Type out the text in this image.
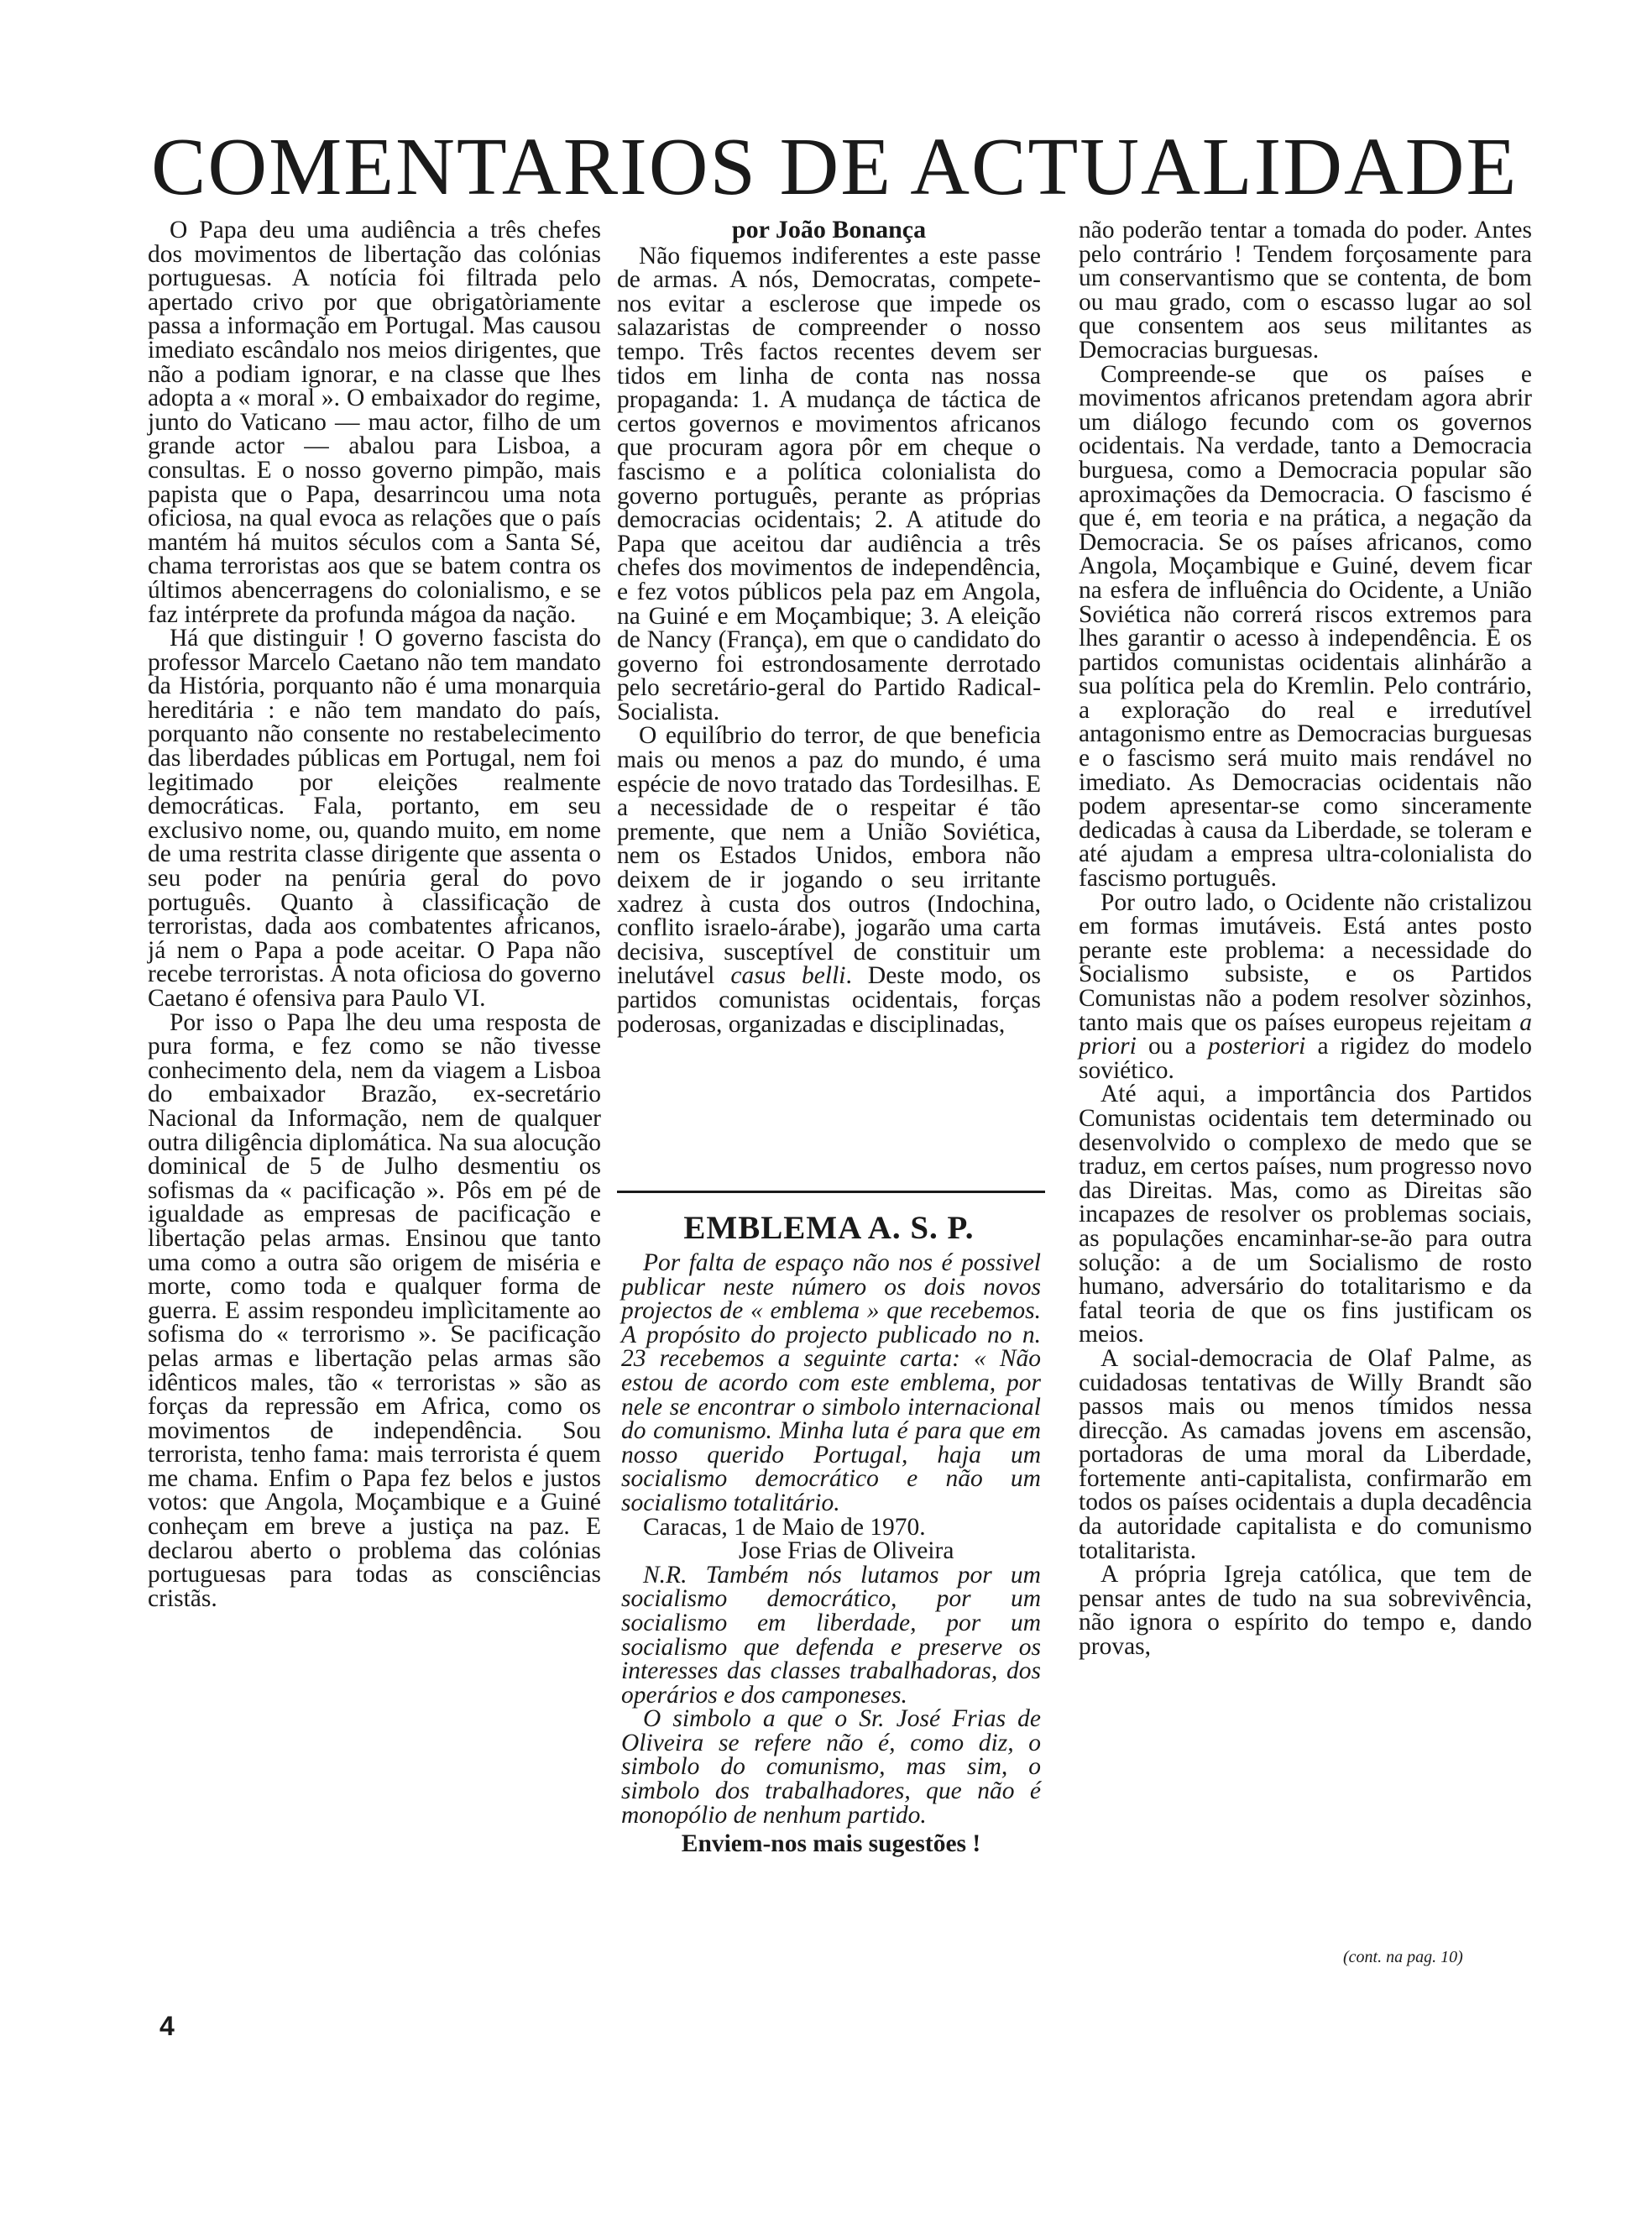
COMENTARIOS DE ACTUALIDADE

O Papa deu uma audiência a três chefes dos movimentos de libertação das colónias portuguesas. A notícia foi filtrada pelo apertado crivo por que obrigatòriamente passa a informação em Portugal. Mas causou imediato escândalo nos meios dirigentes, que não a podiam ignorar, e na classe que lhes adopta a « moral ». O embaixador do regime, junto do Vaticano — mau actor, filho de um grande actor — abalou para Lisboa, a consultas. E o nosso governo pimpão, mais papista que o Papa, desarrincou uma nota oficiosa, na qual evoca as relações que o país mantém há muitos séculos com a Santa Sé, chama terroristas aos que se batem contra os últimos abencerragens do colonialismo, e se faz intérprete da profunda mágoa da nação.

Há que distinguir ! O governo fascista do professor Marcelo Caetano não tem mandato da História, porquanto não é uma monarquia hereditária : e não tem mandato do país, porquanto não consente no restabelecimento das liberdades públicas em Portugal, nem foi legitimado por eleições realmente democráticas. Fala, portanto, em seu exclusivo nome, ou, quando muito, em nome de uma restrita classe dirigente que assenta o seu poder na penúria geral do povo português. Quanto à classificação de terroristas, dada aos combatentes africanos, já nem o Papa a pode aceitar. O Papa não recebe terroristas. A nota oficiosa do governo Caetano é ofensiva para Paulo VI.

Por isso o Papa lhe deu uma resposta de pura forma, e fez como se não tivesse conhecimento dela, nem da viagem a Lisboa do embaixador Brazão, ex-secretário Nacional da Informação, nem de qualquer outra diligência diplomática. Na sua alocução dominical de 5 de Julho desmentiu os sofismas da « pacificação ». Pôs em pé de igualdade as empresas de pacificação e libertação pelas armas. Ensinou que tanto uma como a outra são origem de miséria e morte, como toda e qualquer forma de guerra. E assim respondeu implìcitamente ao sofisma do « terrorismo ». Se pacificação pelas armas e libertação pelas armas são idênticos males, tão « terroristas » são as forças da repressão em Africa, como os movimentos de independência. Sou terrorista, tenho fama: mais terrorista é quem me chama. Enfim o Papa fez belos e justos votos: que Angola, Moçambique e a Guiné conheçam em breve a justiça na paz. E declarou aberto o problema das colónias portuguesas para todas as consciências cristãs.

por João Bonança

Não fiquemos indiferentes a este passe de armas. A nós, Democratas, compete-nos evitar a esclerose que impede os salazaristas de compreender o nosso tempo. Três factos recentes devem ser tidos em linha de conta nas nossa propaganda: 1. A mudança de táctica de certos governos e movimentos africanos que procuram agora pôr em cheque o fascismo e a política colonialista do governo português, perante as próprias democracias ocidentais; 2. A atitude do Papa que aceitou dar audiência a três chefes dos movimentos de independência, e fez votos públicos pela paz em Angola, na Guiné e em Moçambique; 3. A eleição de Nancy (França), em que o candidato do governo foi estrondosamente derrotado pelo secretário-geral do Partido Radical-Socialista.

O equilíbrio do terror, de que beneficia mais ou menos a paz do mundo, é uma espécie de novo tratado das Tordesilhas. E a necessidade de o respeitar é tão premente, que nem a União Soviética, nem os Estados Unidos, embora não deixem de ir jogando o seu irritante xadrez à custa dos outros (Indochina, conflito israelo-árabe), jogarão uma carta decisiva, susceptível de constituir um inelutável casus belli. Deste modo, os partidos comunistas ocidentais, forças poderosas, organizadas e disciplinadas,

EMBLEMA A. S. P.

Por falta de espaço não nos é possivel publicar neste número os dois novos projectos de « emblema » que recebemos. A propósito do projecto publicado no n. 23 recebemos a seguinte carta: « Não estou de acordo com este emblema, por nele se encontrar o simbolo internacional do comunismo. Minha luta é para que em nosso querido Portugal, haja um socialismo democrático e não um socialismo totalitário.

Caracas, 1 de Maio de 1970.

Jose Frias de Oliveira

N.R. Também nós lutamos por um socialismo democrático, por um socialismo em liberdade, por um socialismo que defenda e preserve os interesses das classes trabalhadoras, dos operários e dos camponeses.

O simbolo a que o Sr. José Frias de Oliveira se refere não é, como diz, o simbolo do comunismo, mas sim, o simbolo dos trabalhadores, que não é monopólio de nenhum partido.

Enviem-nos mais sugestões !

não poderão tentar a tomada do poder. Antes pelo contrário ! Tendem forçosamente para um conservantismo que se contenta, de bom ou mau grado, com o escasso lugar ao sol que consentem aos seus militantes as Democracias burguesas.

Compreende-se que os países e movimentos africanos pretendam agora abrir um diálogo fecundo com os governos ocidentais. Na verdade, tanto a Democracia burguesa, como a Democracia popular são aproximações da Democracia. O fascismo é que é, em teoria e na prática, a negação da Democracia. Se os países africanos, como Angola, Moçambique e Guiné, devem ficar na esfera de influência do Ocidente, a União Soviética não correrá riscos extremos para lhes garantir o acesso à independência. E os partidos comunistas ocidentais alinhárão a sua política pela do Kremlin. Pelo contrário, a exploração do real e irredutível antagonismo entre as Democracias burguesas e o fascismo será muito mais rendável no imediato. As Democracias ocidentais não podem apresentar-se como sinceramente dedicadas à causa da Liberdade, se toleram e até ajudam a empresa ultra-colonialista do fascismo português.

Por outro lado, o Ocidente não cristalizou em formas imutáveis. Está antes posto perante este problema: a necessidade do Socialismo subsiste, e os Partidos Comunistas não a podem resolver sòzinhos, tanto mais que os países europeus rejeitam a priori ou a posteriori a rigidez do modelo soviético.

Até aqui, a importância dos Partidos Comunistas ocidentais tem determinado ou desenvolvido o complexo de medo que se traduz, em certos países, num progresso novo das Direitas. Mas, como as Direitas são incapazes de resolver os problemas sociais, as populações encaminhar-se-ão para outra solução: a de um Socialismo de rosto humano, adversário do totalitarismo e da fatal teoria de que os fins justificam os meios.

A social-democracia de Olaf Palme, as cuidadosas tentativas de Willy Brandt são passos mais ou menos tímidos nessa direcção. As camadas jovens em ascensão, portadoras de uma moral da Liberdade, fortemente anti-capitalista, confirmarão em todos os países ocidentais a dupla decadência da autoridade capitalista e do comunismo totalitarista.

A própria Igreja católica, que tem de pensar antes de tudo na sua sobrevivência, não ignora o espírito do tempo e, dando provas,

(cont. na pag. 10)
4
